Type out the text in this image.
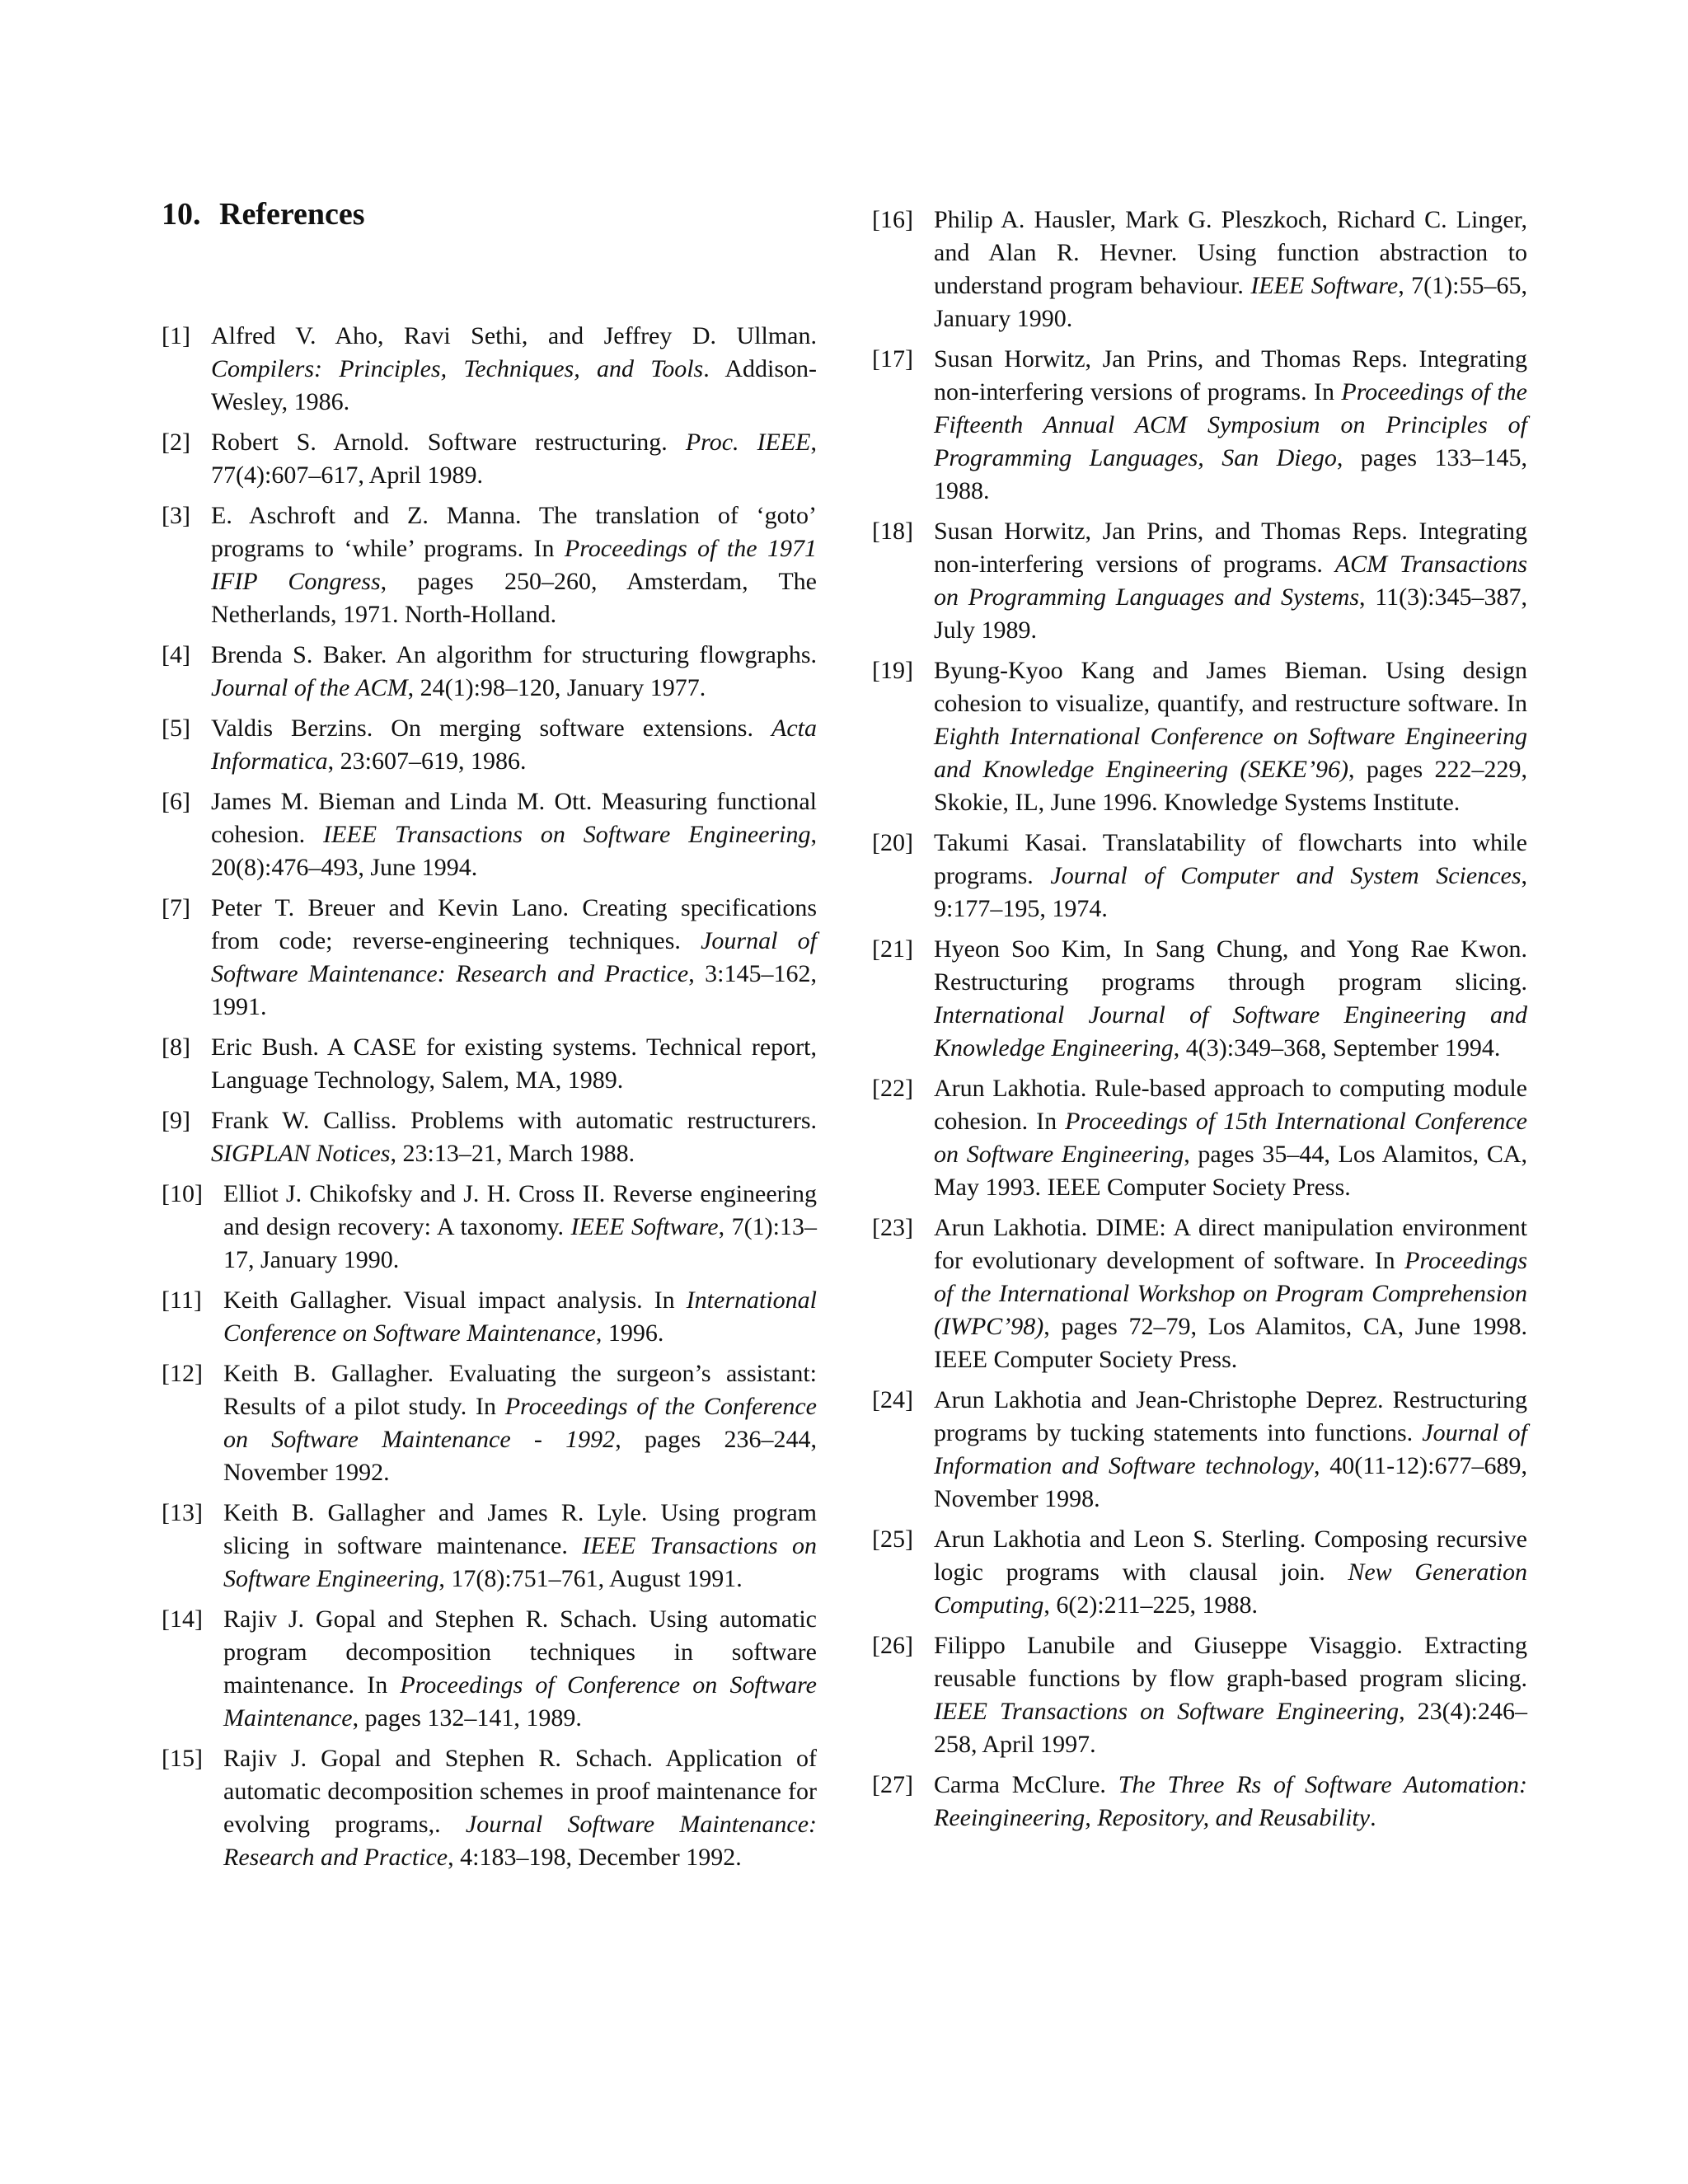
10. References
[1] Alfred V. Aho, Ravi Sethi, and Jeffrey D. Ullman. Compilers: Principles, Techniques, and Tools. Addison-Wesley, 1986.
[2] Robert S. Arnold. Software restructuring. Proc. IEEE, 77(4):607–617, April 1989.
[3] E. Aschroft and Z. Manna. The translation of ‘goto’ programs to ‘while’ programs. In Proceedings of the 1971 IFIP Congress, pages 250–260, Amsterdam, The Netherlands, 1971. North-Holland.
[4] Brenda S. Baker. An algorithm for structuring flowgraphs. Journal of the ACM, 24(1):98–120, January 1977.
[5] Valdis Berzins. On merging software extensions. Acta Informatica, 23:607–619, 1986.
[6] James M. Bieman and Linda M. Ott. Measuring functional cohesion. IEEE Transactions on Software Engineering, 20(8):476–493, June 1994.
[7] Peter T. Breuer and Kevin Lano. Creating specifications from code; reverse-engineering techniques. Journal of Software Maintenance: Research and Practice, 3:145–162, 1991.
[8] Eric Bush. A CASE for existing systems. Technical report, Language Technology, Salem, MA, 1989.
[9] Frank W. Calliss. Problems with automatic restructurers. SIGPLAN Notices, 23:13–21, March 1988.
[10] Elliot J. Chikofsky and J. H. Cross II. Reverse engineering and design recovery: A taxonomy. IEEE Software, 7(1):13–17, January 1990.
[11] Keith Gallagher. Visual impact analysis. In International Conference on Software Maintenance, 1996.
[12] Keith B. Gallagher. Evaluating the surgeon’s assistant: Results of a pilot study. In Proceedings of the Conference on Software Maintenance - 1992, pages 236–244, November 1992.
[13] Keith B. Gallagher and James R. Lyle. Using program slicing in software maintenance. IEEE Transactions on Software Engineering, 17(8):751–761, August 1991.
[14] Rajiv J. Gopal and Stephen R. Schach. Using automatic program decomposition techniques in software maintenance. In Proceedings of Conference on Software Maintenance, pages 132–141, 1989.
[15] Rajiv J. Gopal and Stephen R. Schach. Application of automatic decomposition schemes in proof maintenance for evolving programs,. Journal Software Maintenance: Research and Practice, 4:183–198, December 1992.
[16] Philip A. Hausler, Mark G. Pleszkoch, Richard C. Linger, and Alan R. Hevner. Using function abstraction to understand program behaviour. IEEE Software, 7(1):55–65, January 1990.
[17] Susan Horwitz, Jan Prins, and Thomas Reps. Integrating non-interfering versions of programs. In Proceedings of the Fifteenth Annual ACM Symposium on Principles of Programming Languages, San Diego, pages 133–145, 1988.
[18] Susan Horwitz, Jan Prins, and Thomas Reps. Integrating non-interfering versions of programs. ACM Transactions on Programming Languages and Systems, 11(3):345–387, July 1989.
[19] Byung-Kyoo Kang and James Bieman. Using design cohesion to visualize, quantify, and restructure software. In Eighth International Conference on Software Engineering and Knowledge Engineering (SEKE’96), pages 222–229, Skokie, IL, June 1996. Knowledge Systems Institute.
[20] Takumi Kasai. Translatability of flowcharts into while programs. Journal of Computer and System Sciences, 9:177–195, 1974.
[21] Hyeon Soo Kim, In Sang Chung, and Yong Rae Kwon. Restructuring programs through program slicing. International Journal of Software Engineering and Knowledge Engineering, 4(3):349–368, September 1994.
[22] Arun Lakhotia. Rule-based approach to computing module cohesion. In Proceedings of 15th International Conference on Software Engineering, pages 35–44, Los Alamitos, CA, May 1993. IEEE Computer Society Press.
[23] Arun Lakhotia. DIME: A direct manipulation environment for evolutionary development of software. In Proceedings of the International Workshop on Program Comprehension (IWPC’98), pages 72–79, Los Alamitos, CA, June 1998. IEEE Computer Society Press.
[24] Arun Lakhotia and Jean-Christophe Deprez. Restructuring programs by tucking statements into functions. Journal of Information and Software technology, 40(11-12):677–689, November 1998.
[25] Arun Lakhotia and Leon S. Sterling. Composing recursive logic programs with clausal join. New Generation Computing, 6(2):211–225, 1988.
[26] Filippo Lanubile and Giuseppe Visaggio. Extracting reusable functions by flow graph-based program slicing. IEEE Transactions on Software Engineering, 23(4):246–258, April 1997.
[27] Carma McClure. The Three Rs of Software Automation: Reeingineering, Repository, and Reusability.
